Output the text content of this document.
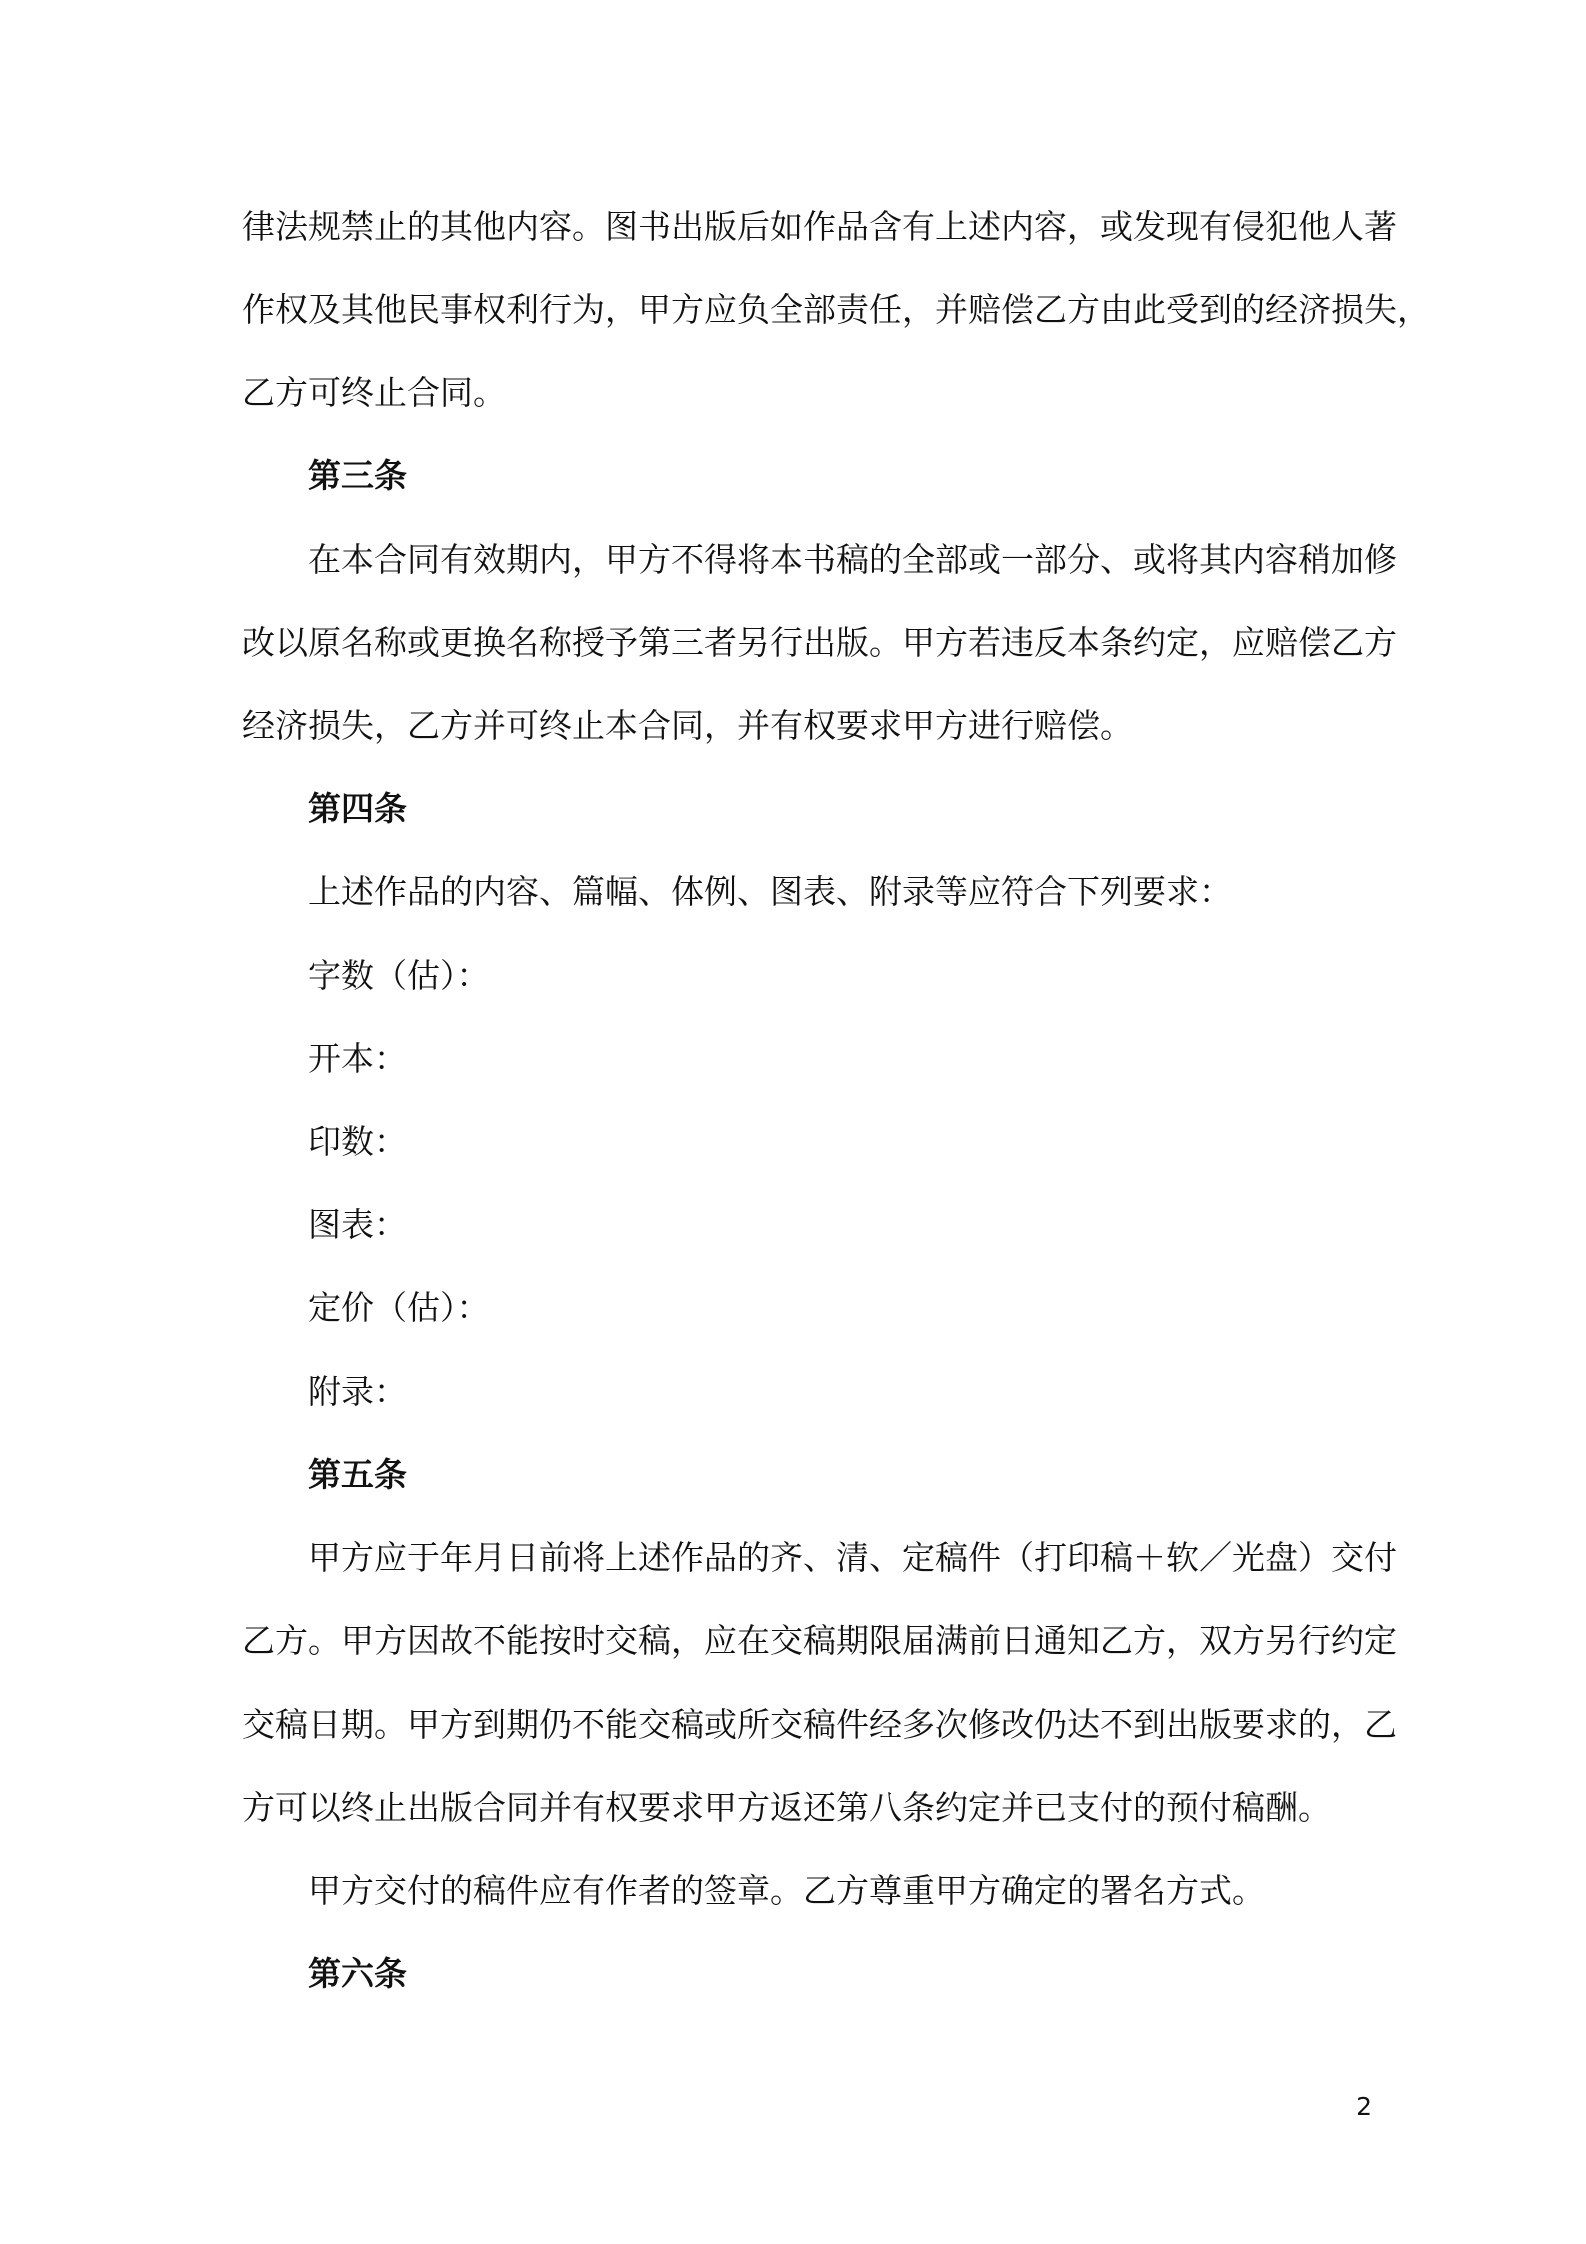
律法规禁止的其他内容。图书出版后如作品含有上述内容，或发现有侵犯他人著
作权及其他民事权利行为，甲方应负全部责任，并赔偿乙方由此受到的经济损失，
乙方可终止合同。
第三条
在本合同有效期内，甲方不得将本书稿的全部或一部分、或将其内容稍加修
改以原名称或更换名称授予第三者另行出版。甲方若违反本条约定，应赔偿乙方
经济损失，乙方并可终止本合同，并有权要求甲方进行赔偿。
第四条
上述作品的内容、篇幅、体例、图表、附录等应符合下列要求：
字数（估）：
开本：
印数：
图表：
定价（估）：
附录：
第五条
甲方应于年月日前将上述作品的齐、清、定稿件（打印稿＋软／光盘）交付
乙方。甲方因故不能按时交稿，应在交稿期限届满前日通知乙方，双方另行约定
交稿日期。甲方到期仍不能交稿或所交稿件经多次修改仍达不到出版要求的，乙
方可以终止出版合同并有权要求甲方返还第八条约定并已支付的预付稿酬。
甲方交付的稿件应有作者的签章。乙方尊重甲方确定的署名方式。
第六条
2
